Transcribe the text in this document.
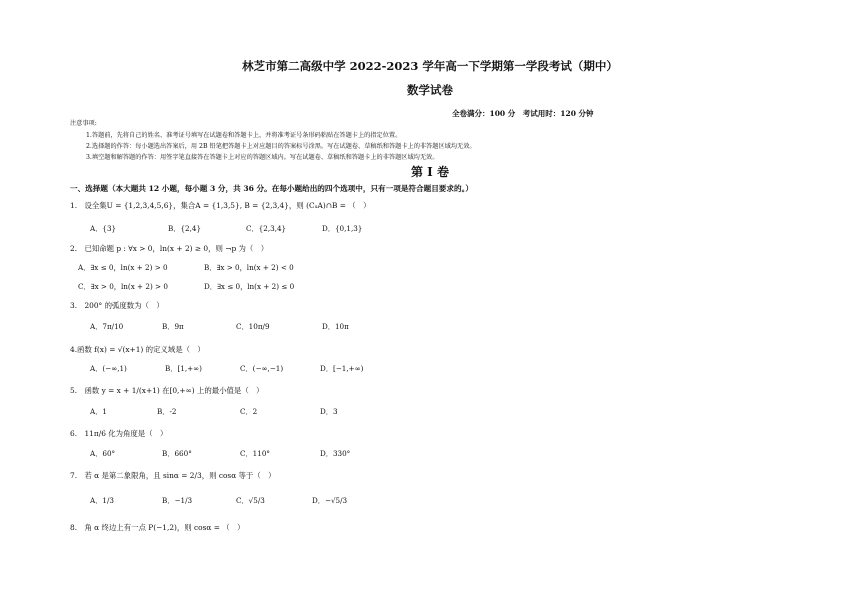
林芝市第二高级中学 2022-2023 学年高一下学期第一学段考试（期中）
数学试卷
全卷满分：100 分　考试用时：120 分钟
注意事项:
1.答题前，先将自己的姓名、准考证号填写在试题卷和答题卡上，并将准考证号条形码粘贴在答题卡上的指定位置。
2.选择题的作答：每小题选出答案后，用 2B 铅笔把答题卡上对应题目的答案标号涂黑。写在试题卷、草稿纸和答题卡上的非答题区域均无效。
3.填空题和解答题的作答：用签字笔直接答在答题卡上对应的答题区域内。写在试题卷、草稿纸和答题卡上的非答题区域均无效。
第 I 卷
一、选择题（本大题共 12 小题，每小题 3 分，共 36 分。在每小题给出的四个选项中，只有一项是符合题目要求的。）
1.　设全集U = {1,2,3,4,5,6}，集合A = {1,3,5}, B = {2,3,4}，则 (CᵤA)∩B = （　）
A．{3}	B．{2,4}	C．{2,3,4}	D．{0,1,3}
2.　已知命题 p : ∀x > 0，ln(x + 2) ≥ 0，则 ¬p 为（　）
A．∃x ≤ 0，ln(x + 2) > 0	B．∃x > 0，ln(x + 2) < 0
C．∃x > 0，ln(x + 2) > 0	D．∃x ≤ 0，ln(x + 2) ≤ 0
3.　200° 的弧度数为（　）
A．7π/10	B．9π	C．10π/9	D．10π
4.函数 f(x) = √(x+1) 的定义域是（　）
A．(−∞,1)	B．[1,+∞)	C．(−∞,−1)	D．[−1,+∞)
5.　函数 y = x + 1/(x+1) 在[0,+∞) 上的最小值是（　）
A．1	B．-2	C．2	D．3
6.　11π/6 化为角度是（　）
A．60°	B．660°	C．110°	D．330°
7.　若 α 是第二象限角，且 sinα = 2/3，则 cosα 等于（　）
A．1/3	B．−1/3	C．√5/3	D．−√5/3
8.　角 α 终边上有一点 P(−1,2)，则 cosα = （　）
